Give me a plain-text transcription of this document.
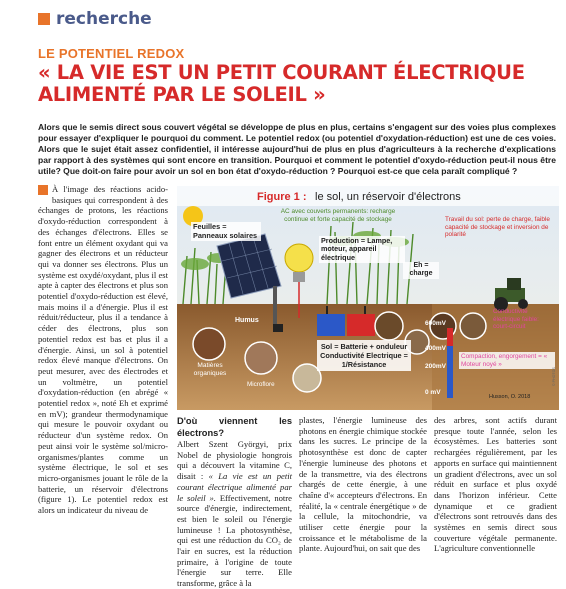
recherche
LE POTENTIEL REDOX
« LA VIE EST UN PETIT COURANT ÉLECTRIQUE ALIMENTÉ PAR LE SOLEIL »
Alors que le semis direct sous couvert végétal se développe de plus en plus, certains s'engagent sur des voies plus complexes pour essayer d'expliquer le pourquoi du comment. Le potentiel redox (ou potentiel d'oxydation-réduction) est une de ces voies. Alors que le sujet était assez confidentiel, il intéresse aujourd'hui de plus en plus d'agriculteurs à la recherche d'explications par rapport à des systèmes qui sont encore en transition. Pourquoi et comment le potentiel d'oxydo-réduction peut-il nous être utile? Que doit-on faire pour avoir un sol en bon état d'oxydo-réduction ? Pourquoi est-ce que cela paraît compliqué ?
À l'image des réactions acido-basiques qui correspondent à des échanges de protons, les réactions d'oxydo-réduction correspondent à des échanges d'électrons. Elles se font entre un élément oxydant qui va gagner des électrons et un réducteur qui va donner ses électrons. Plus un système est oxydé/oxydant, plus il est apte à capter des électrons et plus son potentiel d'oxydo-réduction est élevé, mais moins il a d'énergie. Plus il est réduit/réducteur, plus il a tendance à céder des électrons, plus son potentiel redox est bas et plus il a d'énergie. Ainsi, un sol à potentiel redox élevé manque d'électrons. On peut mesurer, avec des électrodes et un voltmètre, un potentiel d'oxydation-réduction (en abrégé « potentiel redox », noté Eh et exprimé en mV); grandeur thermodynamique qui mesure le pouvoir oxydant ou réducteur d'un système redox. On peut ainsi voir le système sol/micro-organismes/plantes comme un système électrique, le sol et ses micro-organismes jouant le rôle de la batterie, un réservoir d'électrons (figure 1). Le potentiel redox est alors un indicateur du niveau de
Figure 1 : le sol, un réservoir d'électrons
AC avec couverts permanents: recharge continue et forte capacité de stockage
Feuilles = Panneaux solaires
Production = Lampe, moteur, appareil électrique
Travail du sol: perte de charge, faible capacité de stockage et inversion de polarité
Eh = charge
Humus
Matières organiques
Microflore
Sol = Batterie + onduleur
Conductivité Electrique = 1/Résistance
600mV
400mV
200mV
0 mV
Conductivité électrique faible: court-circuit
Compaction, engorgement = « Moteur noyé »
Husson, O. 2018
© PHOTOS
D'où viennent les électrons?
Albert Szent Györgyi, prix Nobel de physiologie hongrois qui a découvert la vitamine C, disait : « La vie est un petit courant électrique alimenté par le soleil ». Effectivement, notre source d'énergie, indirectement, est bien le soleil ou l'énergie lumineuse ! La photosynthèse, qui est une réduction du CO₂ de l'air en sucres, est la réduction primaire, à l'origine de toute l'énergie sur terre. Elle transforme, grâce à la
plastes, l'énergie lumineuse des photons en énergie chimique stockée dans les sucres. Le principe de la photosynthèse est donc de capter l'énergie lumineuse des photons et de la transmettre, via des électrons chargés de cette énergie, à une chaîne d'« accepteurs d'électrons. En réalité, la « centrale énergétique » de la cellule, la mitochondrie, va utiliser cette énergie pour la croissance et le métabolisme de la plante. Aujourd'hui, on sait que des
des arbres, sont actifs durant presque toute l'année, selon les écosystèmes. Les batteries sont rechargées régulièrement, par les apports en surface qui maintiennent un gradient d'électrons, avec un sol réduit en surface et plus oxydé dans l'horizon inférieur. Cette dynamique et ce gradient d'électrons sont retrouvés dans des systèmes en semis direct sous couverture végétale permanente. L'agriculture conventionnelle
